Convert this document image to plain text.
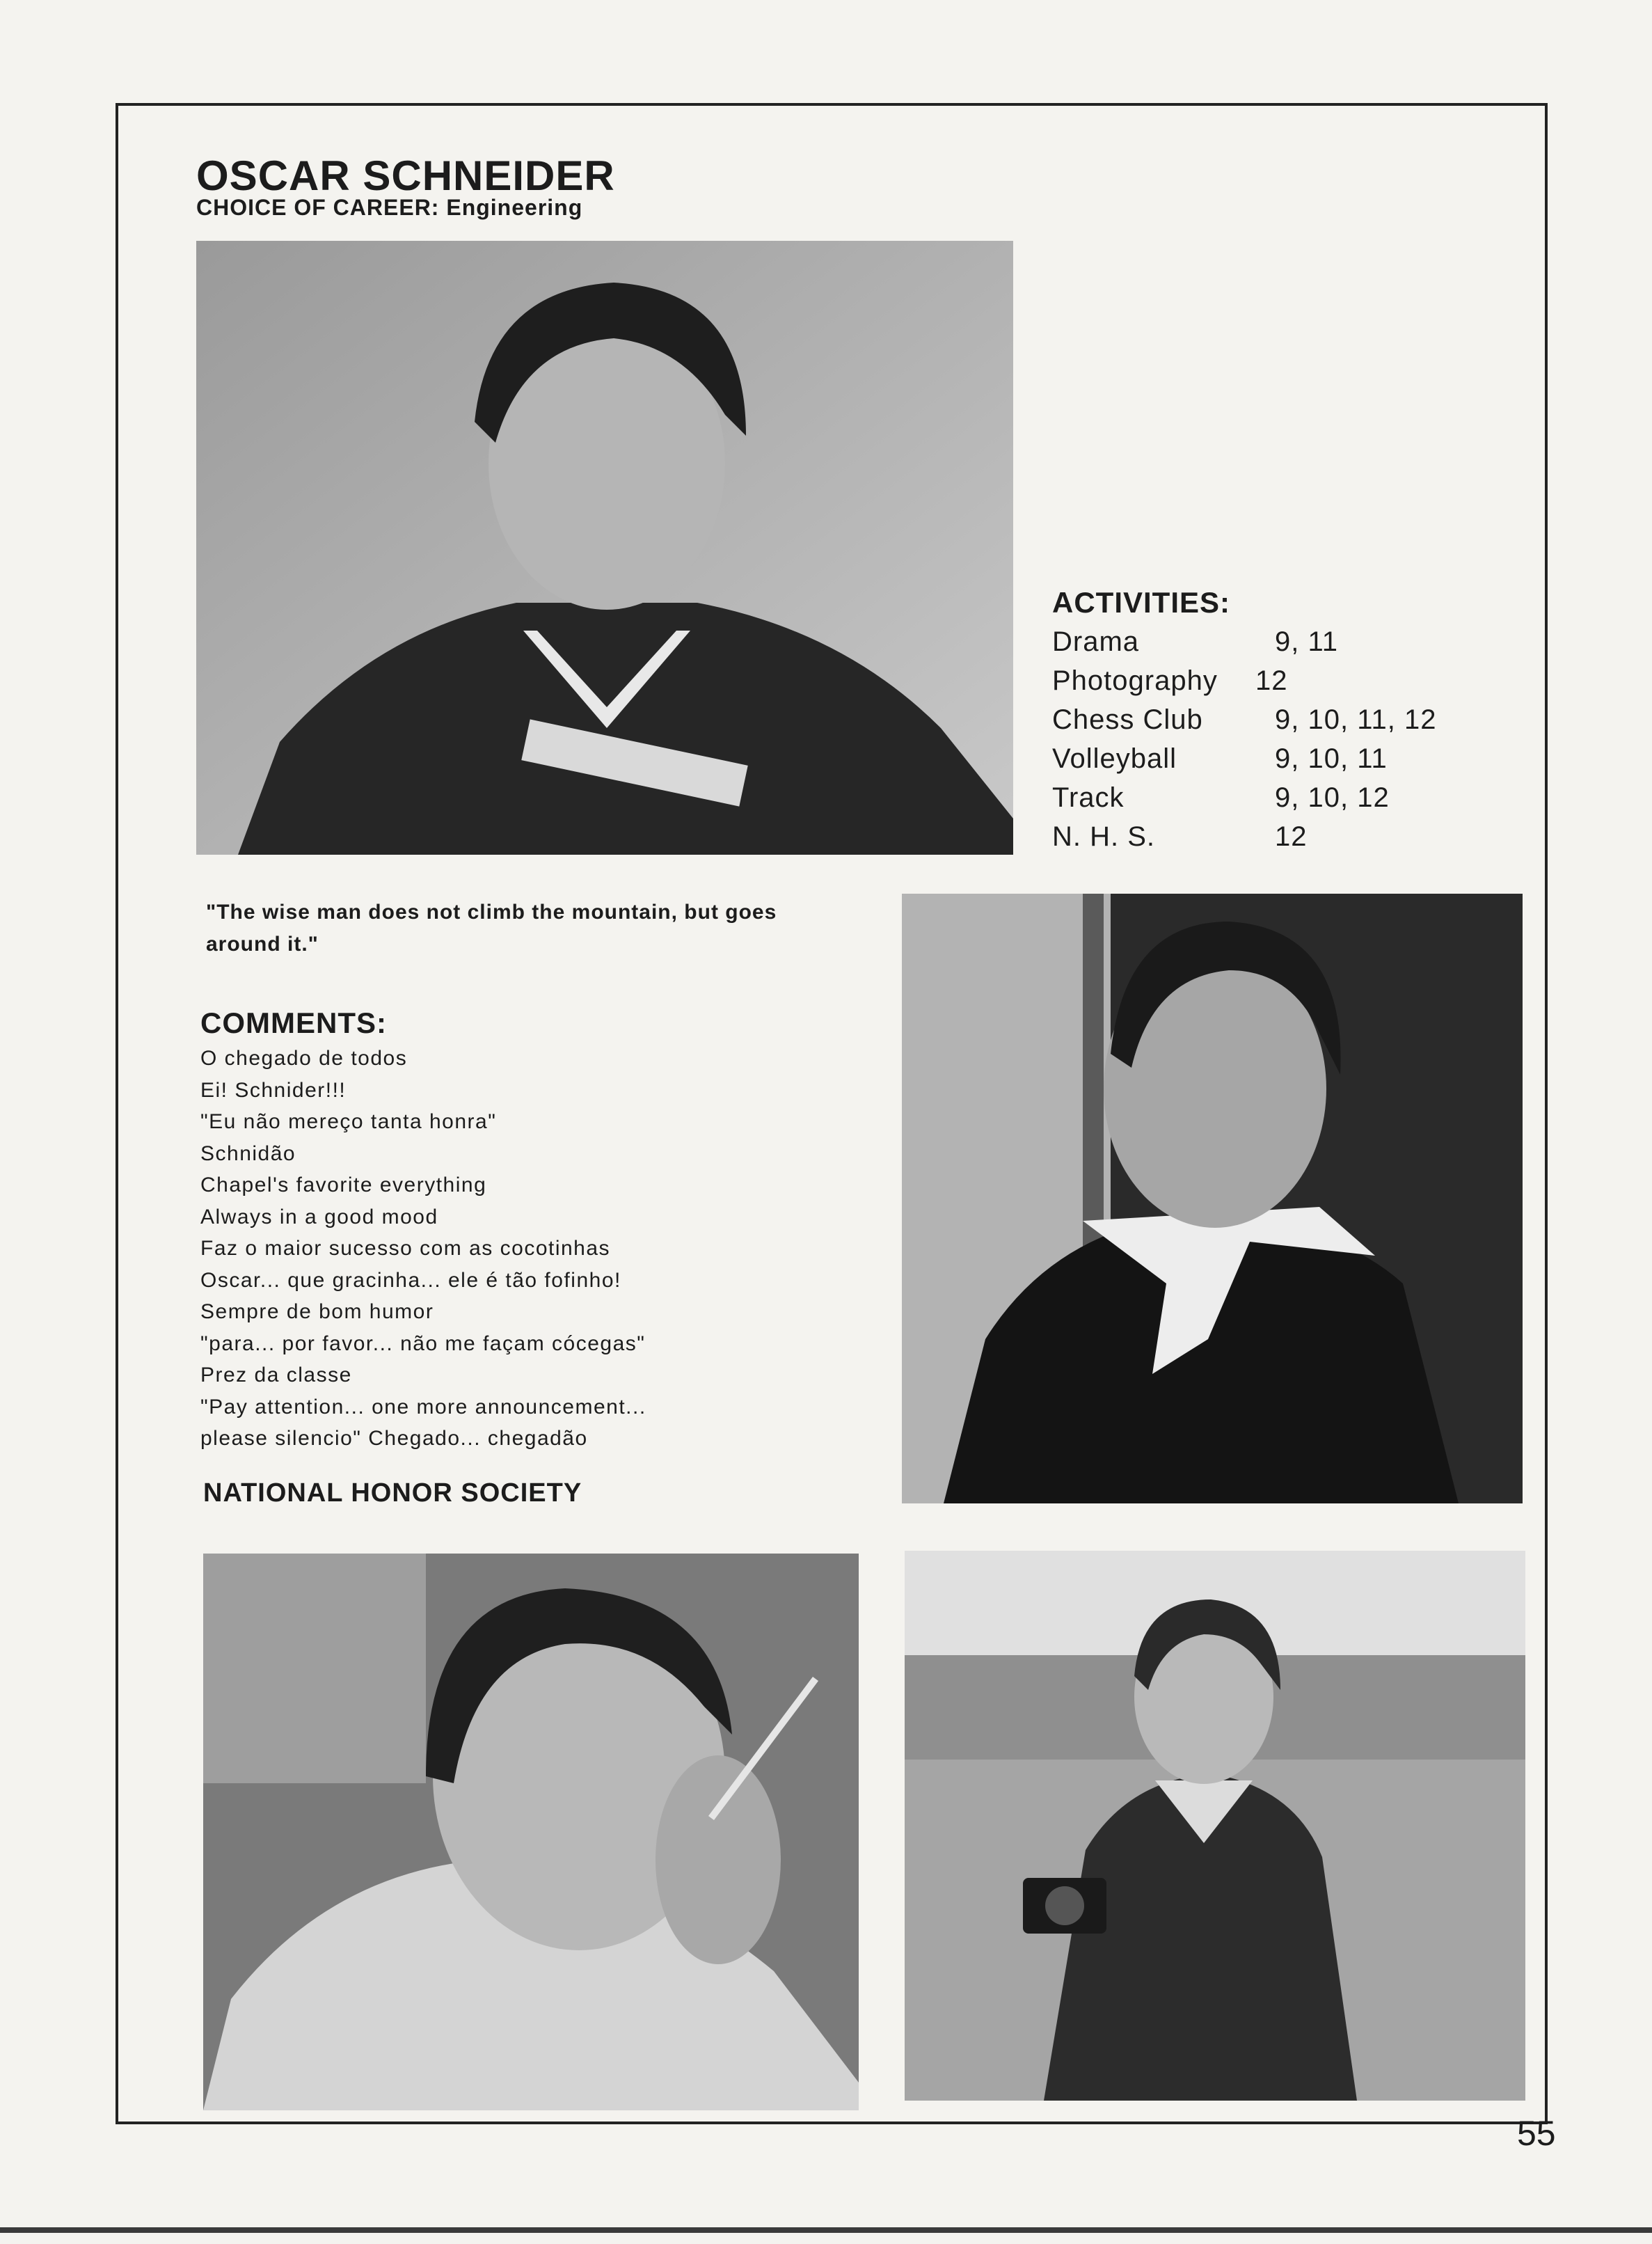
OSCAR SCHNEIDER
CHOICE OF CAREER: Engineering
ACTIVITIES:
Drama	9, 11
Photography	12
Chess Club	9, 10, 11, 12
Volleyball	9, 10, 11
Track	9, 10, 12
N. H. S.	12
"The wise man does not climb the mountain, but goes around it."
COMMENTS:
O chegado de todos
Ei! Schnider!!!
"Eu não mereço tanta honra"
Schnidão
Chapel's favorite everything
Always in a good mood
Faz o maior sucesso com as cocotinhas
Oscar... que gracinha... ele é tão fofinho!
Sempre de bom humor
"para... por favor... não me façam cócegas"
Prez da classe
"Pay attention... one more announcement...
please silencio" Chegado... chegadão
NATIONAL HONOR SOCIETY
55
